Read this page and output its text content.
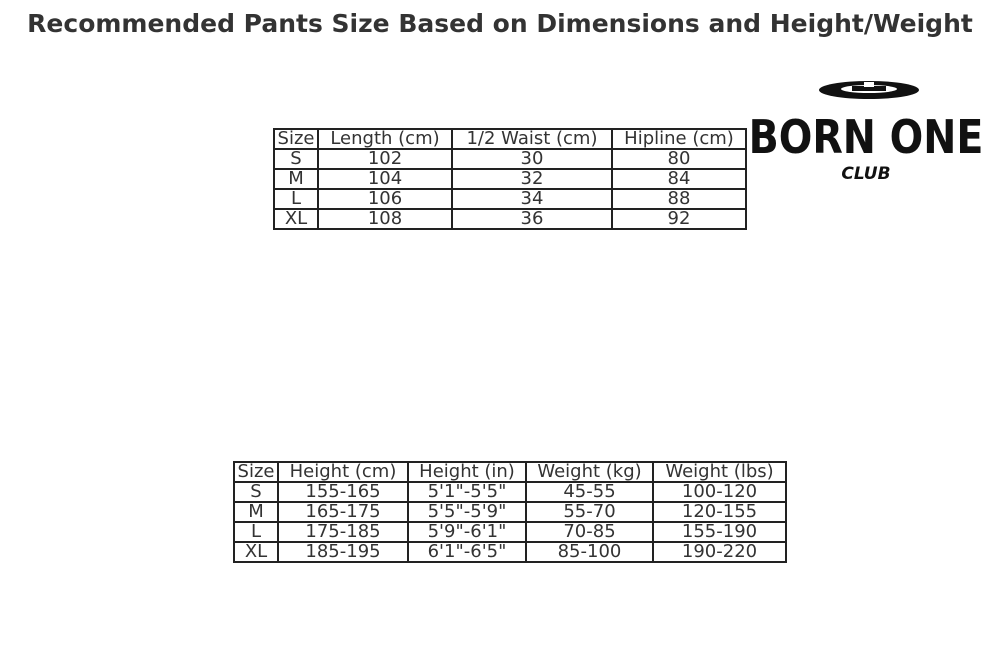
Recommended Pants Size Based on Dimensions and Height/Weight
Size	Length (cm)	1/2 Waist (cm)	Hipline (cm)
S	102	30	80
M	104	32	84
L	106	34	88
XL	108	36	92
BORN ONE
CLUB
Size	Height (cm)	Height (in)	Weight (kg)	Weight (lbs)
S	155-165	5'1"-5'5"	45-55	100-120
M	165-175	5'5"-5'9"	55-70	120-155
L	175-185	5'9"-6'1"	70-85	155-190
XL	185-195	6'1"-6'5"	85-100	190-220
